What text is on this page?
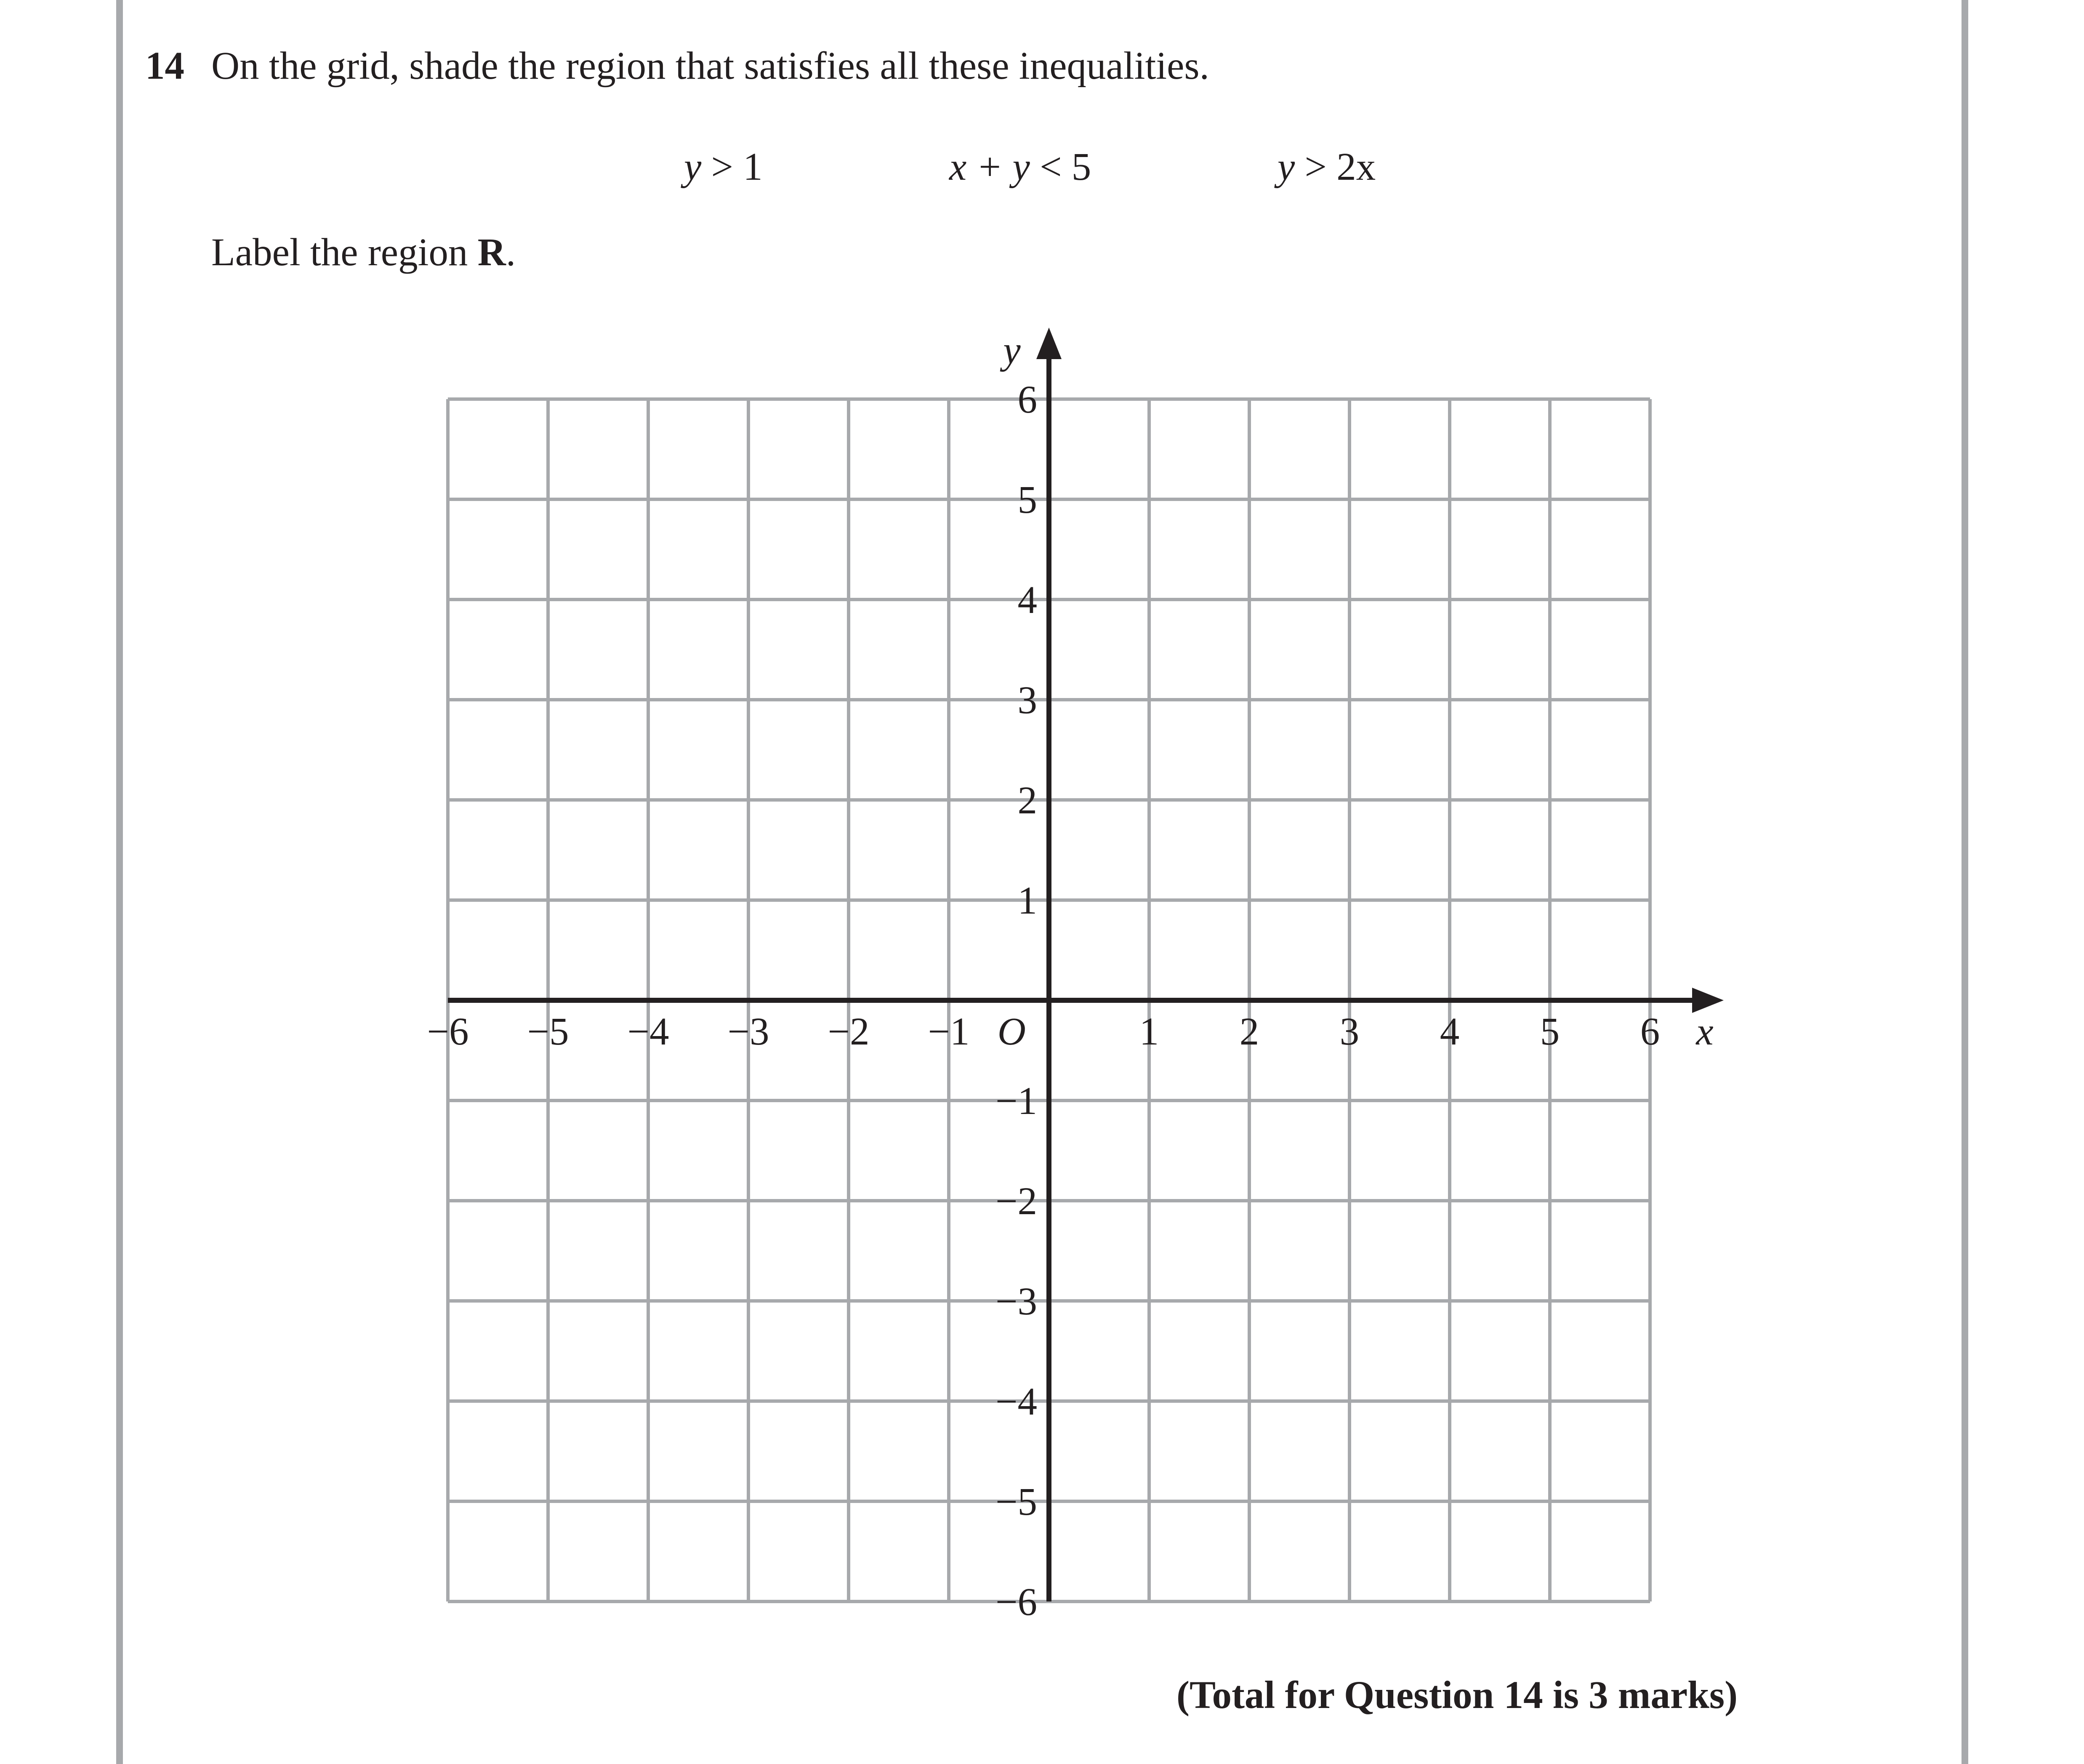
14 On the grid, shade the region that satisfies all these inequalities.
y > 1	x + y < 5	y > 2x
Label the region R.
−6 −5 −4 −3 −2 −1	1 2 3 4 5 6
1
2
3
4
5
6
−1
−2
−3
−4
−5
−6
O	x
y
(Total for Question 14 is 3 marks)
